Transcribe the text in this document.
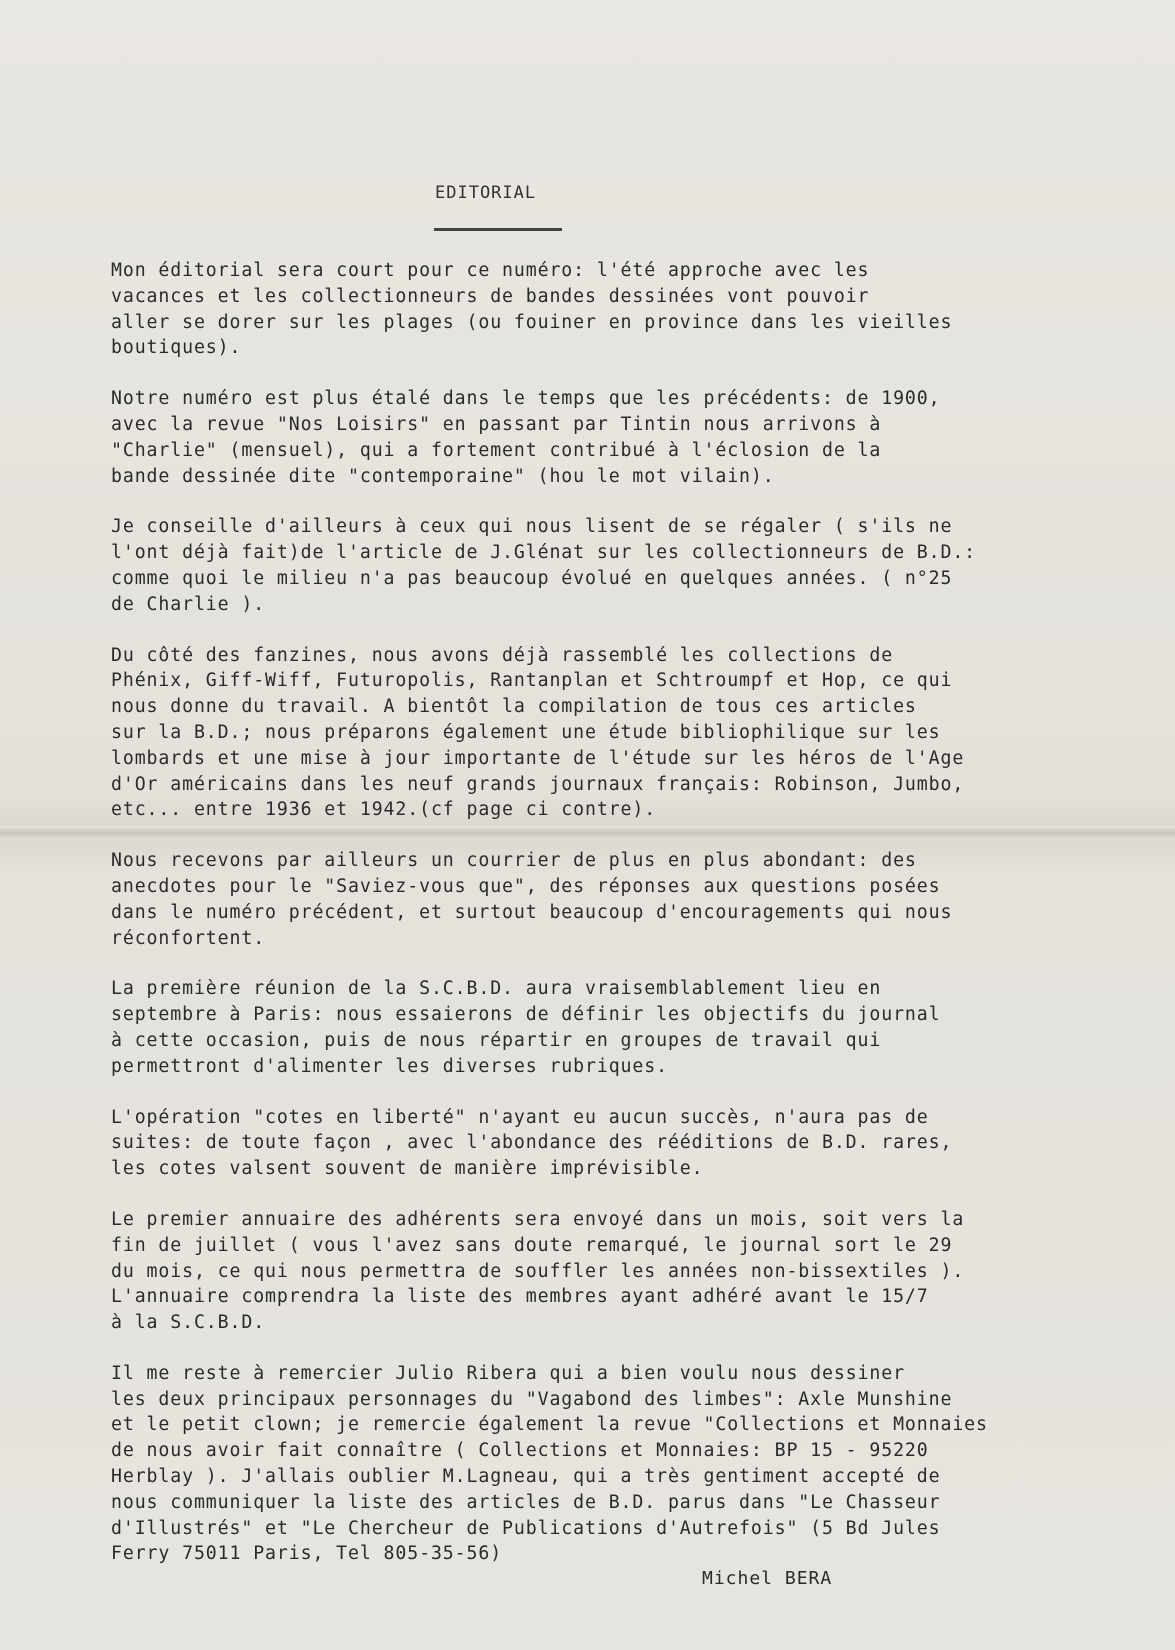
EDITORIAL
Mon éditorial sera court pour ce numéro: l'été approche avec les
vacances et les collectionneurs de bandes dessinées vont pouvoir
aller se dorer sur les plages (ou fouiner en province dans les vieilles
boutiques).
Notre numéro est plus étalé dans le temps que les précédents: de 1900,
avec la revue "Nos Loisirs" en passant par Tintin nous arrivons à
"Charlie" (mensuel), qui a fortement contribué à l'éclosion de la
bande dessinée dite "contemporaine" (hou le mot vilain).
Je conseille d'ailleurs à ceux qui nous lisent de se régaler ( s'ils ne
l'ont déjà fait)de l'article de J.Glénat sur les collectionneurs de B.D.:
comme quoi le milieu n'a pas beaucoup évolué en quelques années. ( n°25
de Charlie ).
Du côté des fanzines, nous avons déjà rassemblé les collections de
Phénix, Giff-Wiff, Futuropolis, Rantanplan et Schtroumpf et Hop, ce qui
nous donne du travail. A bientôt la compilation de tous ces articles
sur la B.D.; nous préparons également une étude bibliophilique sur les
lombards et une mise à jour importante de l'étude sur les héros de l'Age
d'Or américains dans les neuf grands journaux français: Robinson, Jumbo,
etc... entre 1936 et 1942.(cf page ci contre).
Nous recevons par ailleurs un courrier de plus en plus abondant: des
anecdotes pour le "Saviez-vous que", des réponses aux questions posées
dans le numéro précédent, et surtout beaucoup d'encouragements qui nous
réconfortent.
La première réunion de la S.C.B.D. aura vraisemblablement lieu en
septembre à Paris: nous essaierons de définir les objectifs du journal
à cette occasion, puis de nous répartir en groupes de travail qui
permettront d'alimenter les diverses rubriques.
L'opération "cotes en liberté" n'ayant eu aucun succès, n'aura pas de
suites: de toute façon , avec l'abondance des rééditions de B.D. rares,
les cotes valsent souvent de manière imprévisible.
Le premier annuaire des adhérents sera envoyé dans un mois, soit vers la
fin de juillet ( vous l'avez sans doute remarqué, le journal sort le 29
du mois, ce qui nous permettra de souffler les années non-bissextiles ).
L'annuaire comprendra la liste des membres ayant adhéré avant le 15/7
à la S.C.B.D.
Il me reste à remercier Julio Ribera qui a bien voulu nous dessiner
les deux principaux personnages du "Vagabond des limbes": Axle Munshine
et le petit clown; je remercie également la revue "Collections et Monnaies
de nous avoir fait connaître ( Collections et Monnaies: BP 15 - 95220
Herblay ). J'allais oublier M.Lagneau, qui a très gentiment accepté de
nous communiquer la liste des articles de B.D. parus dans "Le Chasseur
d'Illustrés" et "Le Chercheur de Publications d'Autrefois" (5 Bd Jules
Ferry 75011 Paris, Tel 805-35-56)
Michel BERA
